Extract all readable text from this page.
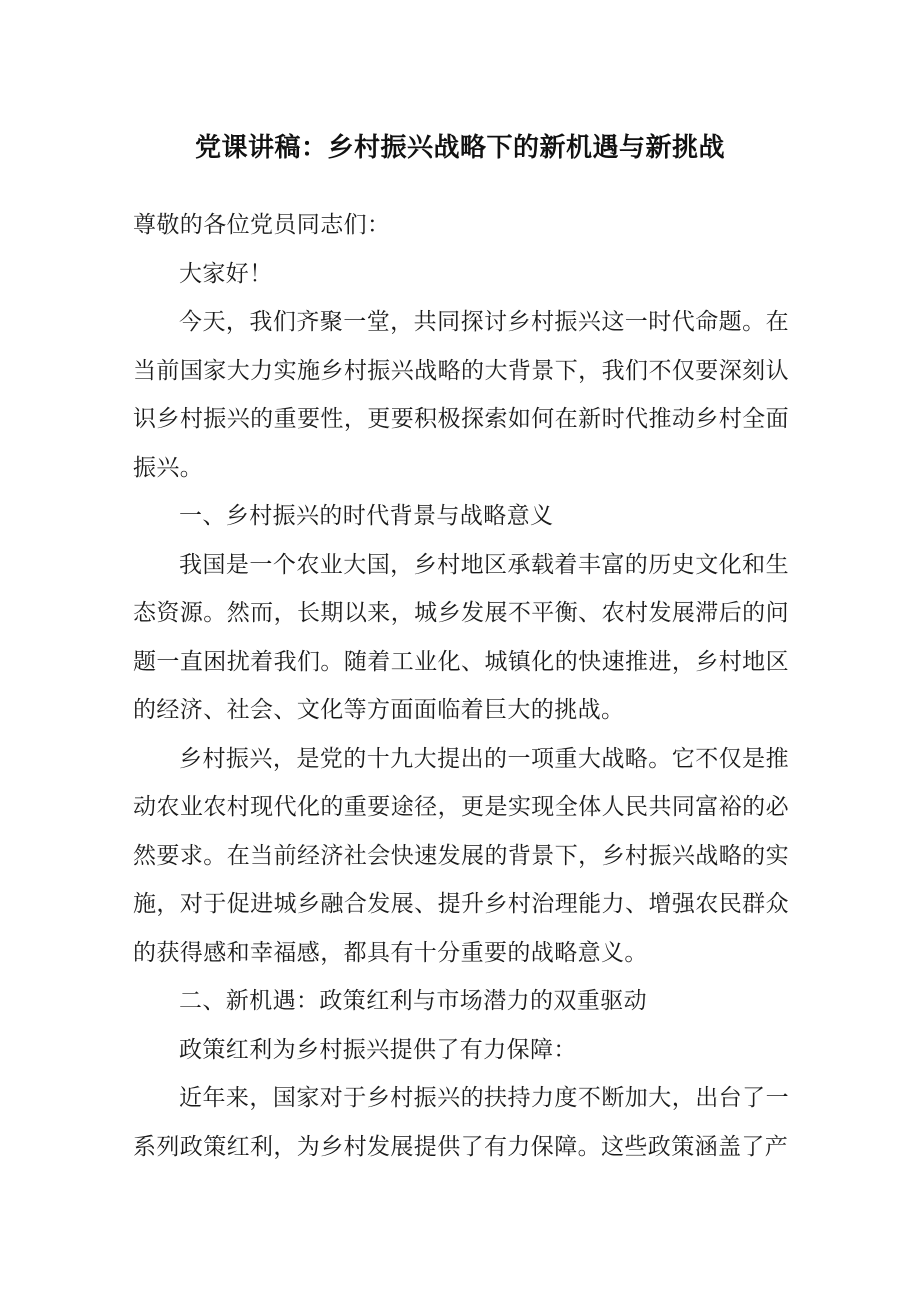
党课讲稿：乡村振兴战略下的新机遇与新挑战

尊敬的各位党员同志们：

大家好！

今天，我们齐聚一堂，共同探讨乡村振兴这一时代命题。在当前国家大力实施乡村振兴战略的大背景下，我们不仅要深刻认识乡村振兴的重要性，更要积极探索如何在新时代推动乡村全面振兴。

一、乡村振兴的时代背景与战略意义

我国是一个农业大国，乡村地区承载着丰富的历史文化和生态资源。然而，长期以来，城乡发展不平衡、农村发展滞后的问题一直困扰着我们。随着工业化、城镇化的快速推进，乡村地区的经济、社会、文化等方面面临着巨大的挑战。

乡村振兴，是党的十九大提出的一项重大战略。它不仅是推动农业农村现代化的重要途径，更是实现全体人民共同富裕的必然要求。在当前经济社会快速发展的背景下，乡村振兴战略的实施，对于促进城乡融合发展、提升乡村治理能力、增强农民群众的获得感和幸福感，都具有十分重要的战略意义。

二、新机遇：政策红利与市场潜力的双重驱动

政策红利为乡村振兴提供了有力保障：

近年来，国家对于乡村振兴的扶持力度不断加大，出台了一系列政策红利，为乡村发展提供了有力保障。这些政策涵盖了产
